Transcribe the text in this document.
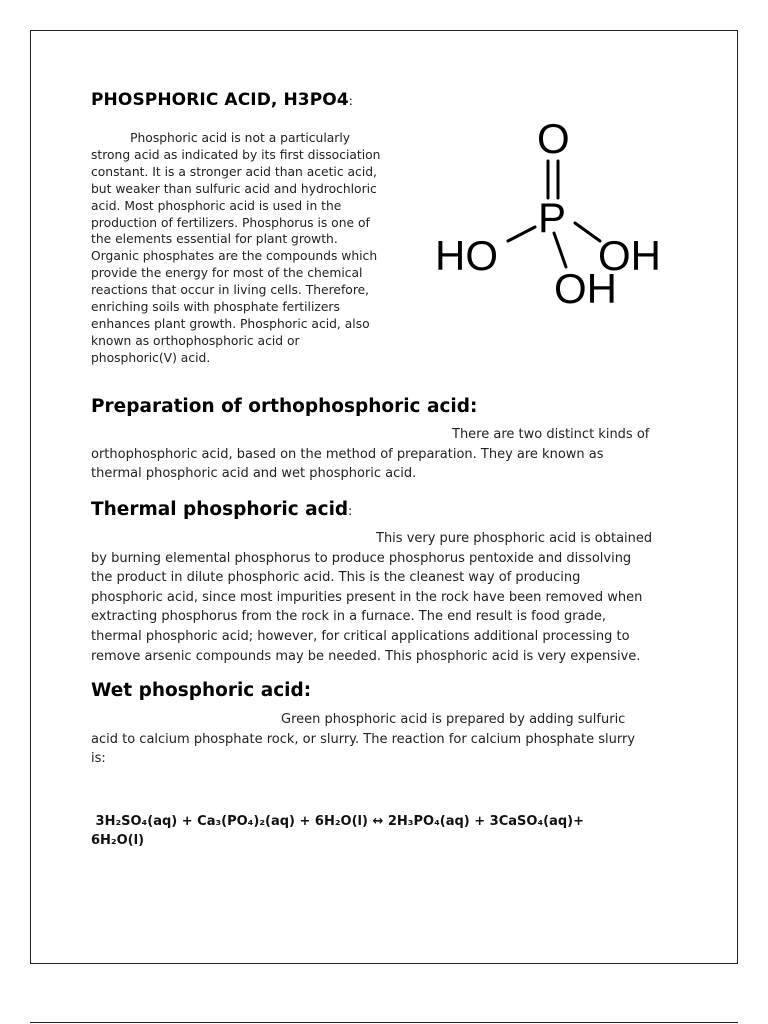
PHOSPHORIC ACID, H3PO4:
Phosphoric acid is not a particularly
strong acid as indicated by its first dissociation
constant. It is a stronger acid than acetic acid,
but weaker than sulfuric acid and hydrochloric
acid. Most phosphoric acid is used in the
production of fertilizers. Phosphorus is one of
the elements essential for plant growth.
Organic phosphates are the compounds which
provide the energy for most of the chemical
reactions that occur in living cells. Therefore,
enriching soils with phosphate fertilizers
enhances plant growth. Phosphoric acid, also
known as orthophosphoric acid or
phosphoric(V) acid.
O
P
HO OH
OH
Preparation of orthophosphoric acid:
There are two distinct kinds of
orthophosphoric acid, based on the method of preparation. They are known as
thermal phosphoric acid and wet phosphoric acid.
Thermal phosphoric acid:
This very pure phosphoric acid is obtained
by burning elemental phosphorus to produce phosphorus pentoxide and dissolving
the product in dilute phosphoric acid. This is the cleanest way of producing
phosphoric acid, since most impurities present in the rock have been removed when
extracting phosphorus from the rock in a furnace. The end result is food grade,
thermal phosphoric acid; however, for critical applications additional processing to
remove arsenic compounds may be needed. This phosphoric acid is very expensive.
Wet phosphoric acid:
Green phosphoric acid is prepared by adding sulfuric
acid to calcium phosphate rock, or slurry. The reaction for calcium phosphate slurry
is:
3H₂SO₄(aq) + Ca₃(PO₄)₂(aq) + 6H₂O(l) ↔ 2H₃PO₄(aq) + 3CaSO₄(aq)+
6H₂O(l)
